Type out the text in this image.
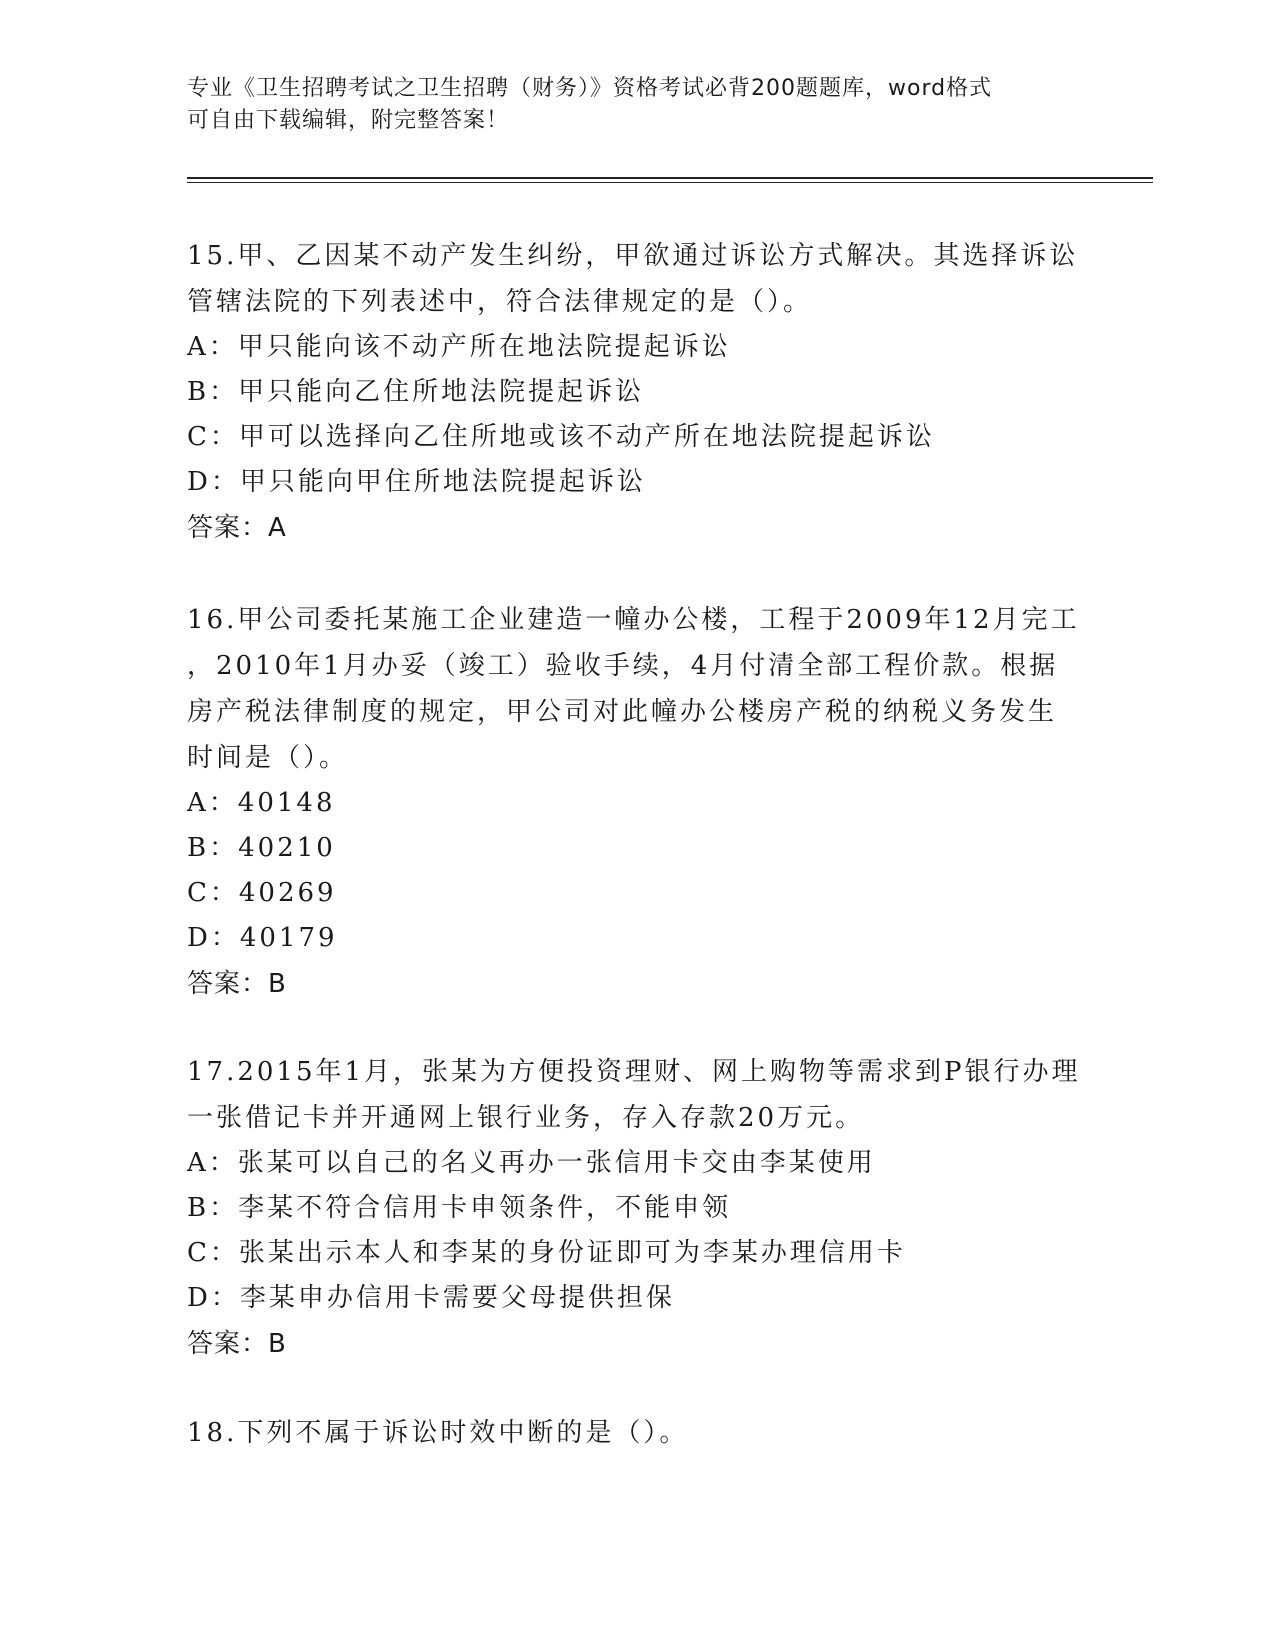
专业《卫生招聘考试之卫生招聘（财务）》资格考试必背200题题库，word格式

可自由下载编辑，附完整答案！

15.甲、乙因某不动产发生纠纷，甲欲通过诉讼方式解决。其选择诉讼

管辖法院的下列表述中，符合法律规定的是（）。

A：甲只能向该不动产所在地法院提起诉讼

B：甲只能向乙住所地法院提起诉讼

C：甲可以选择向乙住所地或该不动产所在地法院提起诉讼

D：甲只能向甲住所地法院提起诉讼

答案：A

16.甲公司委托某施工企业建造一幢办公楼，工程于2009年12月完工

，2010年1月办妥（竣工）验收手续，4月付清全部工程价款。根据

房产税法律制度的规定，甲公司对此幢办公楼房产税的纳税义务发生

时间是（）。

A：40148

B：40210

C：40269

D：40179

答案：B

17.2015年1月，张某为方便投资理财、网上购物等需求到P银行办理

一张借记卡并开通网上银行业务，存入存款20万元。

A：张某可以自己的名义再办一张信用卡交由李某使用

B：李某不符合信用卡申领条件，不能申领

C：张某出示本人和李某的身份证即可为李某办理信用卡

D：李某申办信用卡需要父母提供担保

答案：B

18.下列不属于诉讼时效中断的是（）。
